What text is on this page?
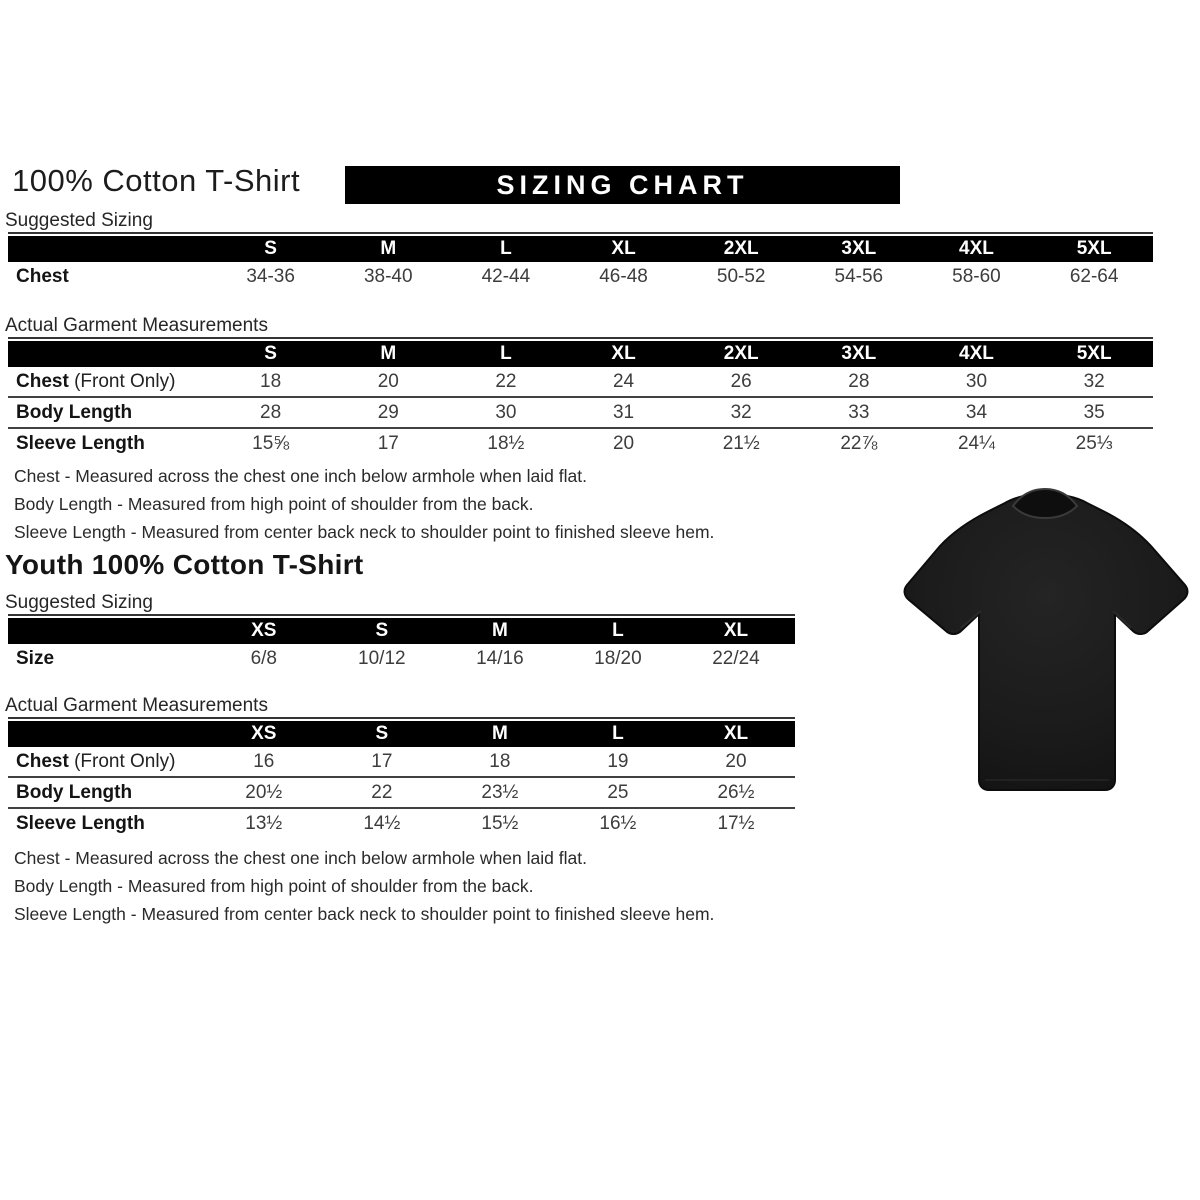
100% Cotton T-Shirt	SIZING CHART
Suggested Sizing
	S	M	L	XL	2XL	3XL	4XL	5XL
Chest	34-36	38-40	42-44	46-48	50-52	54-56	58-60	62-64
Actual Garment Measurements
	S	M	L	XL	2XL	3XL	4XL	5XL
Chest (Front Only)	18	20	22	24	26	28	30	32
Body Length	28	29	30	31	32	33	34	35
Sleeve Length	15⅝	17	18½	20	21½	22⅞	24¼	25⅓
Chest - Measured across the chest one inch below armhole when laid flat.
Body Length - Measured from high point of shoulder from the back.
Sleeve Length - Measured from center back neck to shoulder point to finished sleeve hem.
Youth 100% Cotton T-Shirt
Suggested Sizing
	XS	S	M	L	XL
Size	6/8	10/12	14/16	18/20	22/24
Actual Garment Measurements
	XS	S	M	L	XL
Chest (Front Only)	16	17	18	19	20
Body Length	20½	22	23½	25	26½
Sleeve Length	13½	14½	15½	16½	17½
Chest - Measured across the chest one inch below armhole when laid flat.
Body Length - Measured from high point of shoulder from the back.
Sleeve Length - Measured from center back neck to shoulder point to finished sleeve hem.
